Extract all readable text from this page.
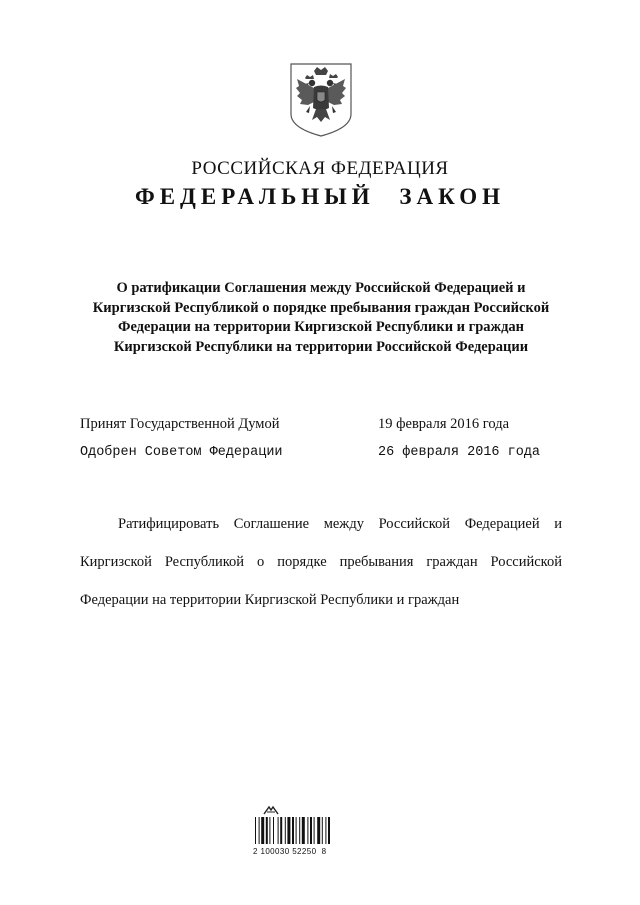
РОССИЙСКАЯ ФЕДЕРАЦИЯ
ФЕДЕРАЛЬНЫЙ ЗАКОН
О ратификации Соглашения между Российской Федерацией и Киргизской Республикой о порядке пребывания граждан Российской Федерации на территории Киргизской Республики и граждан Киргизской Республики на территории Российской Федерации
Принят Государственной Думой	19 февраля 2016 года
Одобрен Советом Федерации	26 февраля 2016 года
Ратифицировать Соглашение между Российской Федерацией и Киргизской Республикой о порядке пребывания граждан Российской Федерации на территории Киргизской Республики и граждан
2 100030 52250  8
